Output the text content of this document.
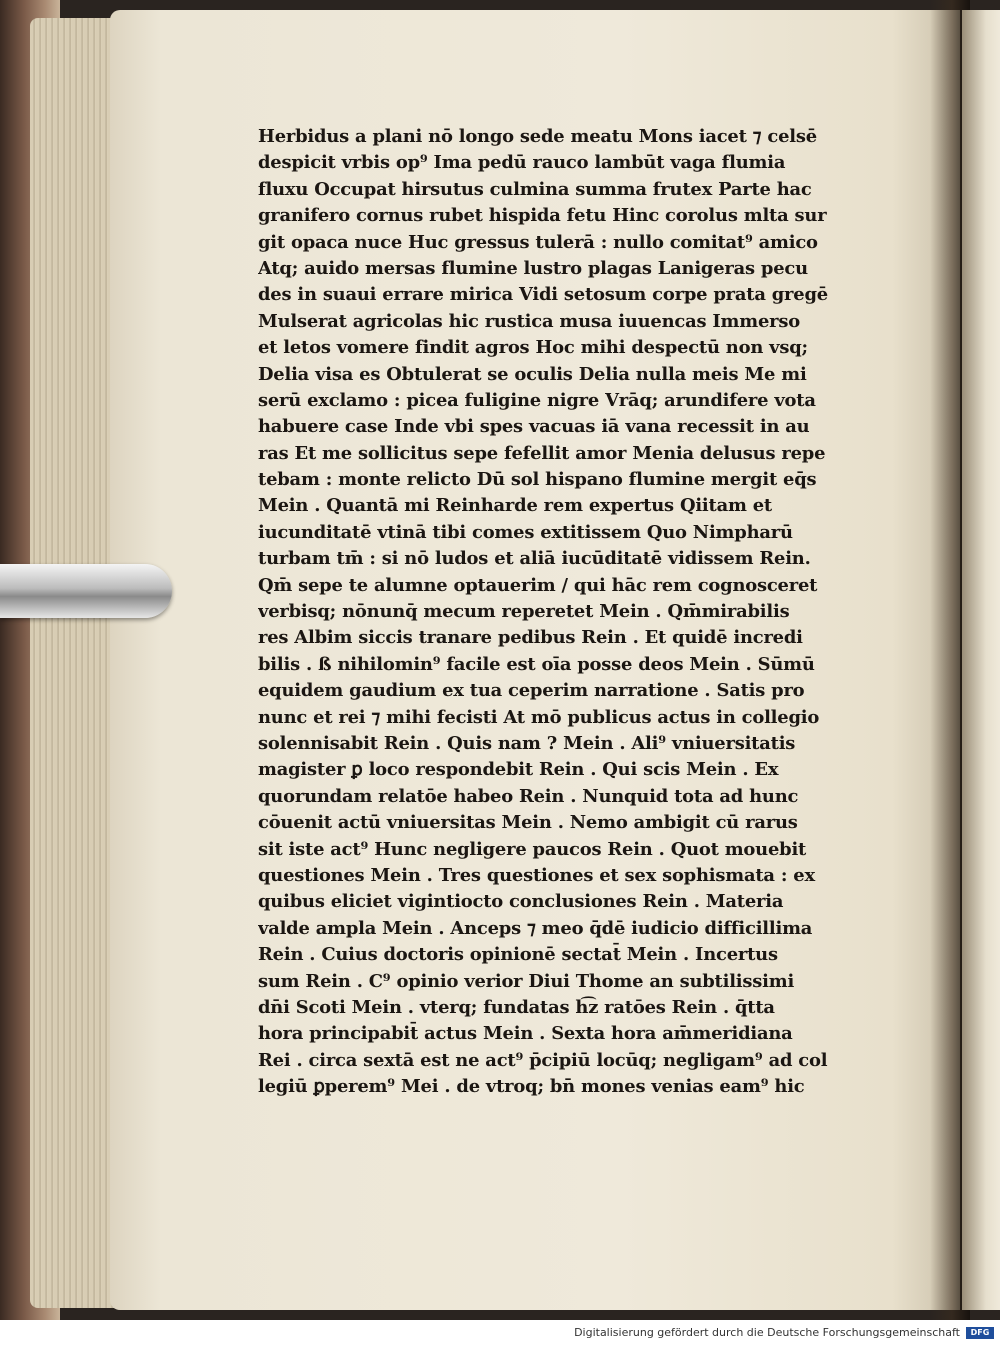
Herbidus a plani nō longo sede meatu Mons iacet ⁊ celsē
despicit vrbis op⁹ Ima pedū rauco lambūt vaga flumia
fluxu Occupat hirsutus culmina summa frutex Parte hac
granifero cornus rubet hispida fetu Hinc corolus mlta sur
git opaca nuce Huc gressus tulerā : nullo comitat⁹ amico
Atq; auido mersas flumine lustro plagas Lanigeras pecu
des in suaui errare mirica Vidi setosum corpe prata gregē
Mulserat agricolas hic rustica musa iuuencas Immerso
et letos vomere findit agros Hoc mihi despectū non vsq;
Delia visa es Obtulerat se oculis Delia nulla meis Me mi
serū exclamo : picea fuligine nigre Vrāq; arundifere vota
habuere case Inde vbi spes vacuas iā vana recessit in au
ras Et me sollicitus sepe fefellit amor Menia delusus repe
tebam : monte relicto Dū sol hispano flumine mergit eq̄s
Mein . Quantā mi Reinharde rem expertus Qiitam et
iucunditatē vtinā tibi comes extitissem Quo Nimpharū
turbam tm̄ : si nō ludos et aliā iucūditatē vidissem Rein.
Qm̄ sepe te alumne optauerim / qui hāc rem cognosceret
verbisq; nōnunq̄ mecum reperetet Mein . Qm̄mirabilis
res Albim siccis tranare pedibus Rein . Et quidē incredi
bilis . ß nihilomin⁹ facile est oīa posse deos Mein . Sūmū
equidem gaudium ex tua ceperim narratione . Satis pro
nunc et rei ⁊ mihi fecisti At mō publicus actus in collegio
solennisabit Rein . Quis nam ? Mein . Ali⁹ vniuersitatis
magister ꝑ loco respondebit Rein . Qui scis Mein . Ex
quorundam relatōe habeo Rein . Nunquid tota ad hunc
cōuenit actū vniuersitas Mein . Nemo ambigit cū rarus
sit iste act⁹ Hunc negligere paucos Rein . Quot mouebit
questiones Mein . Tres questiones et sex sophismata : ex
quibus eliciet vigintiocto conclusiones Rein . Materia
valde ampla Mein . Anceps ⁊ meo q̄dē iudicio difficillima
Rein . Cuius doctoris opinionē sectat̄ Mein . Incertus
sum Rein . C⁹ opinio verior Diui Thome an subtilissimi
dn̄i Scoti Mein . vterq; fundatas h͡z ratōes Rein . q̄tta
hora principabit̄ actus Mein . Sexta hora am̄meridiana
Rei . circa sextā est ne act⁹ p̄cipiū locūq; negligam⁹ ad col
legiū ꝑperem⁹ Mei . de vtroq; bn̄ mones venias eam⁹ hic
Digitalisierung gefördert durch die Deutsche Forschungsgemeinschaft	DFG
